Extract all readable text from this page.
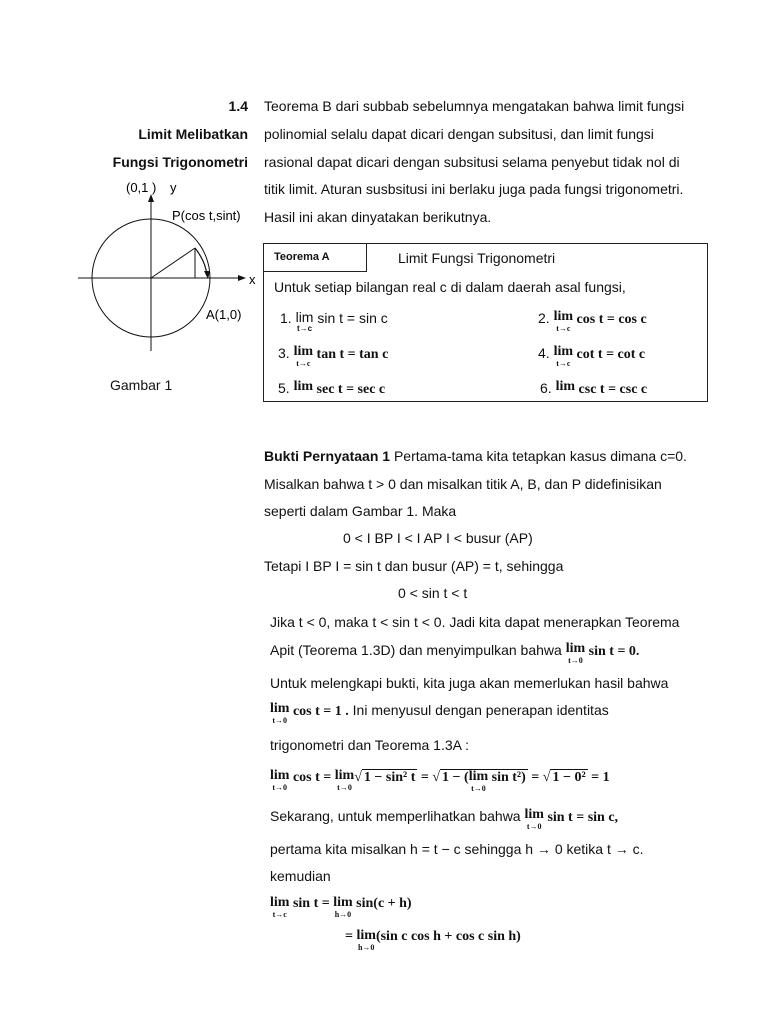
1.4
Limit Melibatkan
Fungsi Trigonometri
Teorema B dari subbab sebelumnya mengatakan bahwa limit fungsi
polinomial selalu dapat dicari dengan subsitusi, dan limit fungsi
rasional dapat dicari dengan subsitusi selama penyebut tidak nol di
titik limit. Aturan susbsitusi ini berlaku juga pada fungsi trigonometri.
Hasil ini akan dinyatakan berikutnya.
(0,1 ) y
P(cos t,sint)
x
A(1,0)
Gambar 1
Teorema A	Limit Fungsi Trigonometri
Untuk setiap bilangan real c di dalam daerah asal fungsi,
1. lim
t→c
sin t = sin c	2. lim
t→c
cos t = cos c
3. lim
t→c
tan t = tan c	4. lim
t→c
cot t = cot c
5. lim sec t = sec c	6. lim csc t = csc c
Bukti Pernyataan 1 Pertama-tama kita tetapkan kasus dimana c=0.
Misalkan bahwa t > 0 dan misalkan titik A, B, dan P didefinisikan
seperti dalam Gambar 1. Maka
0 < I BP I < I AP I < busur (AP)
Tetapi I BP I = sin t dan busur (AP) = t, sehingga
0 < sin t < t
Jika t < 0, maka t < sin t < 0. Jadi kita dapat menerapkan Teorema
Apit (Teorema 1.3D) dan menyimpulkan bahwa lim
t→0
sin t = 0.
Untuk melengkapi bukti, kita juga akan memerlukan hasil bahwa
lim
t→0
cos t = 1 . Ini menyusul dengan penerapan identitas
trigonometri dan Teorema 1.3A :
lim
t→0
cos t = lim
t→0
√ 1 − sin² t = √ 1 − (lim
t→0
sin t²) = √ 1 − 0² = 1
Sekarang, untuk memperlihatkan bahwa lim
t→0
sin t = sin c,
pertama kita misalkan h = t − c sehingga h → 0 ketika t → c.
kemudian
lim
t→c
sin t = lim
h→0
sin(c + h)
= lim
h→0
(sin c cos h + cos c sin h)
